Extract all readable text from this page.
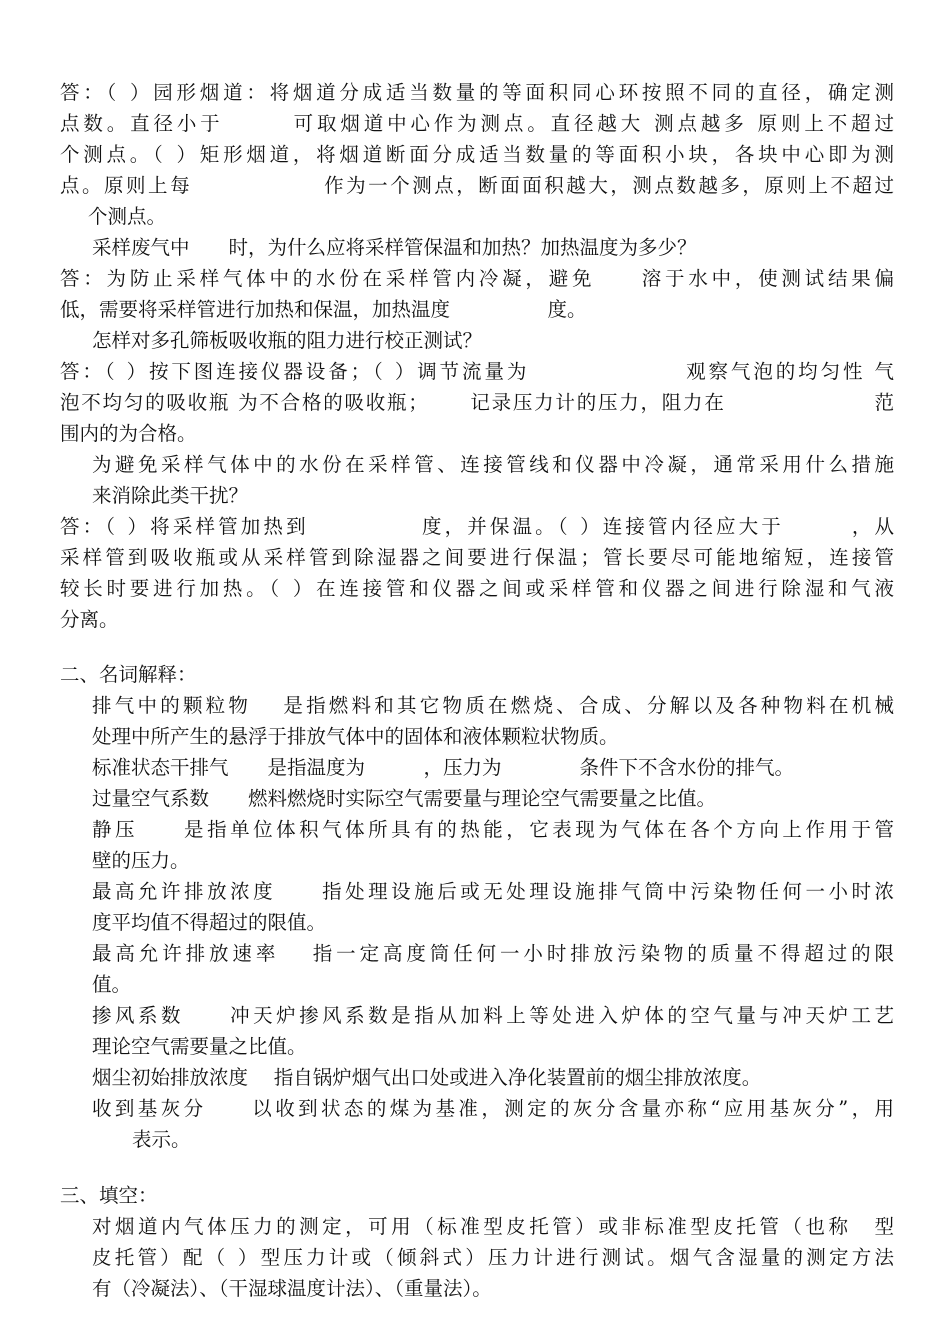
答：（ ）园形烟道：将烟道分成适当数量的等面积同心环按照不同的直径，确定测
点数。直径小于　　　可取烟道中心作为测点。直径越大 测点越多 原则上不超过
个测点。（ ）矩形烟道，将烟道断面分成适当数量的等面积小块，各块中心即为测
点。原则上每　　　　　　作为一个测点，断面面积越大，测点数越多，原则上不超过
个测点。
采样废气中　　时，为什么应将采样管保温和加热？加热温度为多少？
答：为防止采样气体中的水份在采样管内冷凝，避免　　溶于水中，使测试结果偏
低，需要将采样管进行加热和保温，加热温度　　　　　度。
怎样对多孔筛板吸收瓶的阻力进行校正测试？
答：（ ）按下图连接仪器设备；（ ）调节流量为　　　　　　　观察气泡的均匀性 气
泡不均匀的吸收瓶 为不合格的吸收瓶；　　 记录压力计的压力，阻力在　　　　　　　范
围内的为合格。
为避免采样气体中的水份在采样管、连接管线和仪器中冷凝，通常采用什么措施
来消除此类干扰？
答：（ ）将采样管加热到　　　　　度，并保温。（ ）连接管内径应大于　　　，从
采样管到吸收瓶或从采样管到除湿器之间要进行保温；管长要尽可能地缩短，连接管
较长时要进行加热。（ ）在连接管和仪器之间或采样管和仪器之间进行除湿和气液
分离。
二、名词解释：
排气中的颗粒物　 是指燃料和其它物质在燃烧、合成、分解以及各种物料在机械
处理中所产生的悬浮于排放气体中的固体和液体颗粒状物质。
标准状态干排气　　是指温度为　　　，压力为　　　　条件下不含水份的排气。
过量空气系数　　燃料燃烧时实际空气需要量与理论空气需要量之比值。
静压　　是指单位体积气体所具有的热能，它表现为气体在各个方向上作用于管
壁的压力。
最高允许排放浓度　　指处理设施后或无处理设施排气筒中污染物任何一小时浓
度平均值不得超过的限值。
最高允许排放速率　 指一定高度筒任何一小时排放污染物的质量不得超过的限
值。
掺风系数　　冲天炉掺风系数是指从加料上等处进入炉体的空气量与冲天炉工艺
理论空气需要量之比值。
烟尘初始排放浓度　 指自锅炉烟气出口处或进入净化装置前的烟尘排放浓度。
收到基灰分　　以收到状态的煤为基准，测定的灰分含量亦称“应用基灰分”，用
表示。
三、填空：
对烟道内气体压力的测定，可用（标准型皮托管）或非标准型皮托管（也称　型
皮托管）配（ ）型压力计或（倾斜式）压力计进行测试。烟气含湿量的测定方法
有（冷凝法）、（干湿球温度计法）、（重量法）。
